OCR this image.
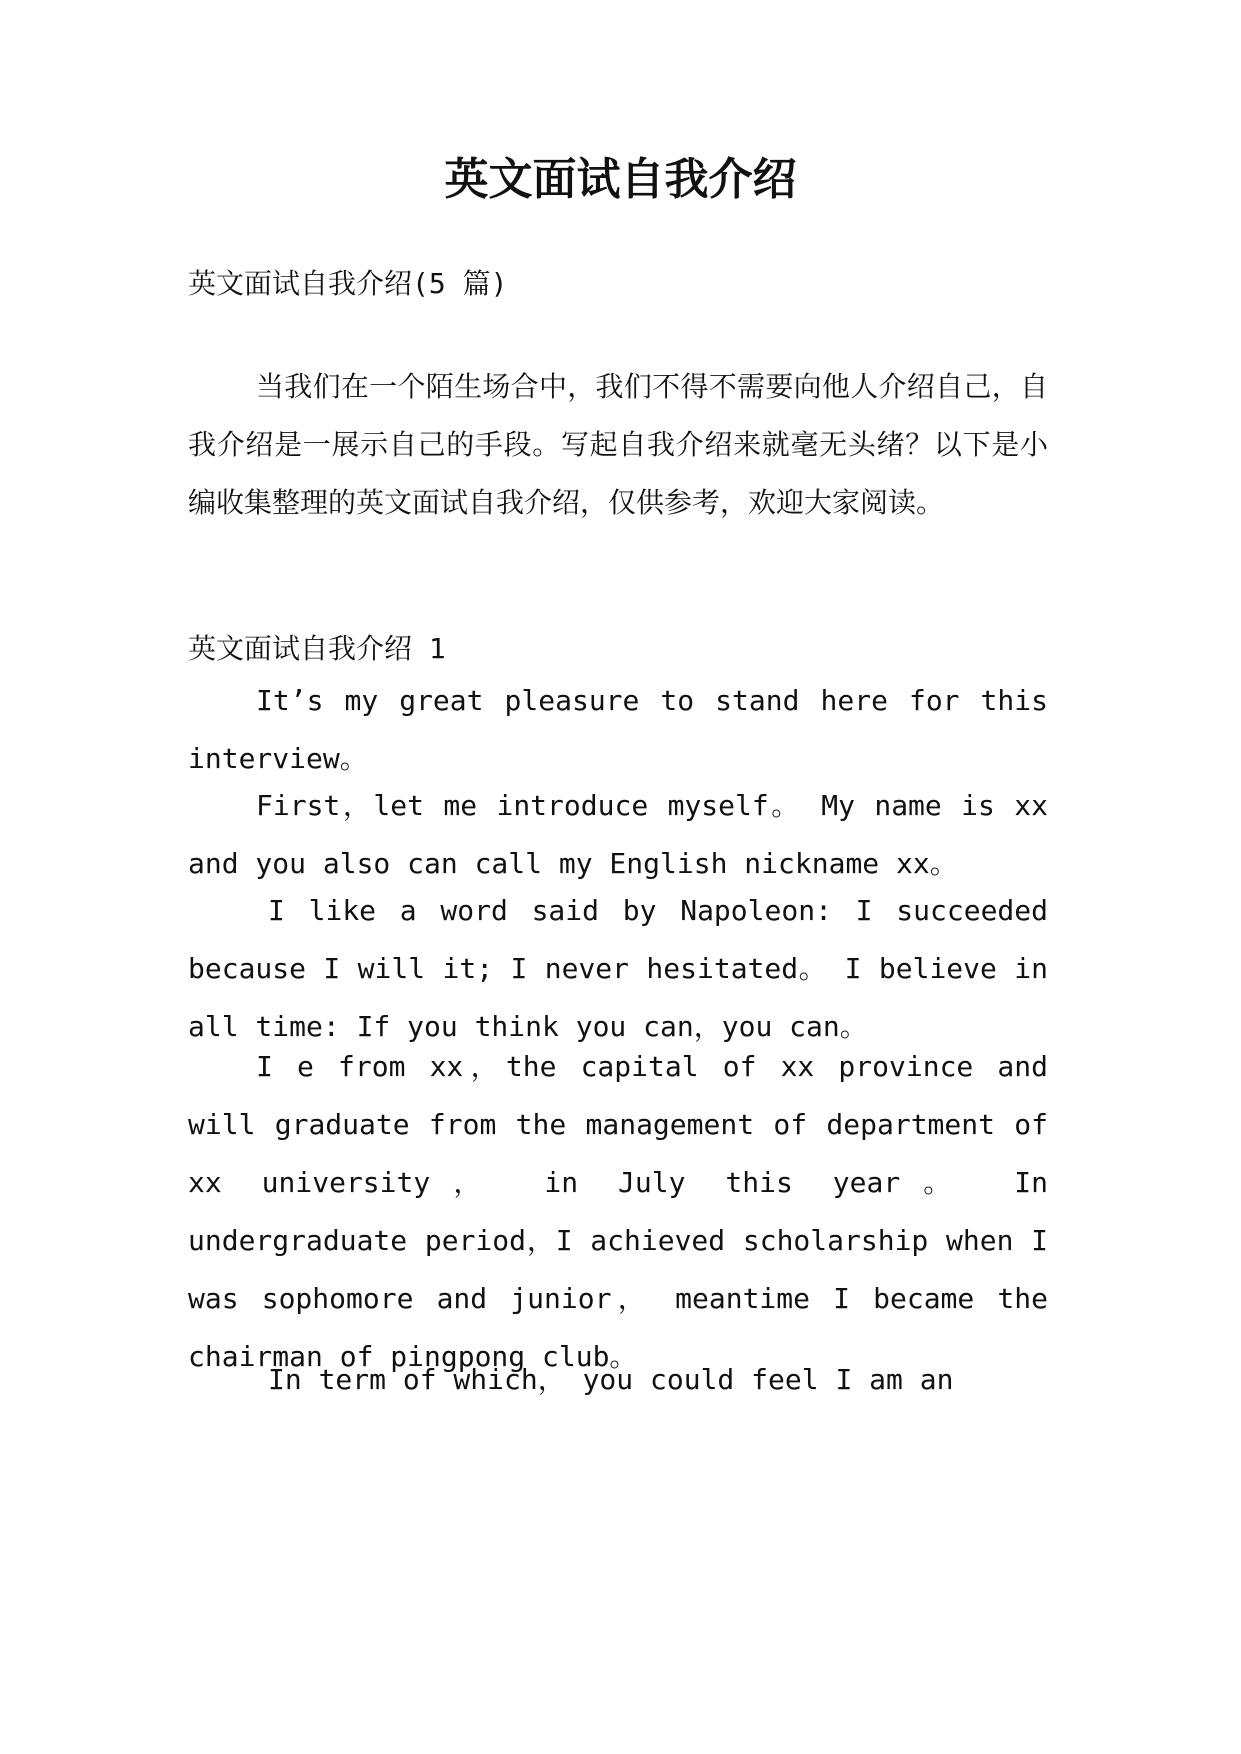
英文面试自我介绍

英文面试自我介绍(5 篇)

当我们在一个陌生场合中，我们不得不需要向他人介绍自己，自我介绍是一展示自己的手段。写起自我介绍来就毫无头绪？以下是小编收集整理的英文面试自我介绍，仅供参考，欢迎大家阅读。

英文面试自我介绍 1

It’s my great pleasure to stand here for this interview。

First，let me introduce myself。 My name is xx and you also can call my English nickname xx。

I like a word said by Napoleon: I succeeded because I will it; I never hesitated。 I believe in all time: If you think you can，you can。

I e from xx，the capital of xx province and will graduate from the management of department of xx university， in July this year。 In undergraduate period，I achieved scholarship when I was sophomore and junior， meantime I became the chairman of pingpong club。

In term of which， you could feel I am an
